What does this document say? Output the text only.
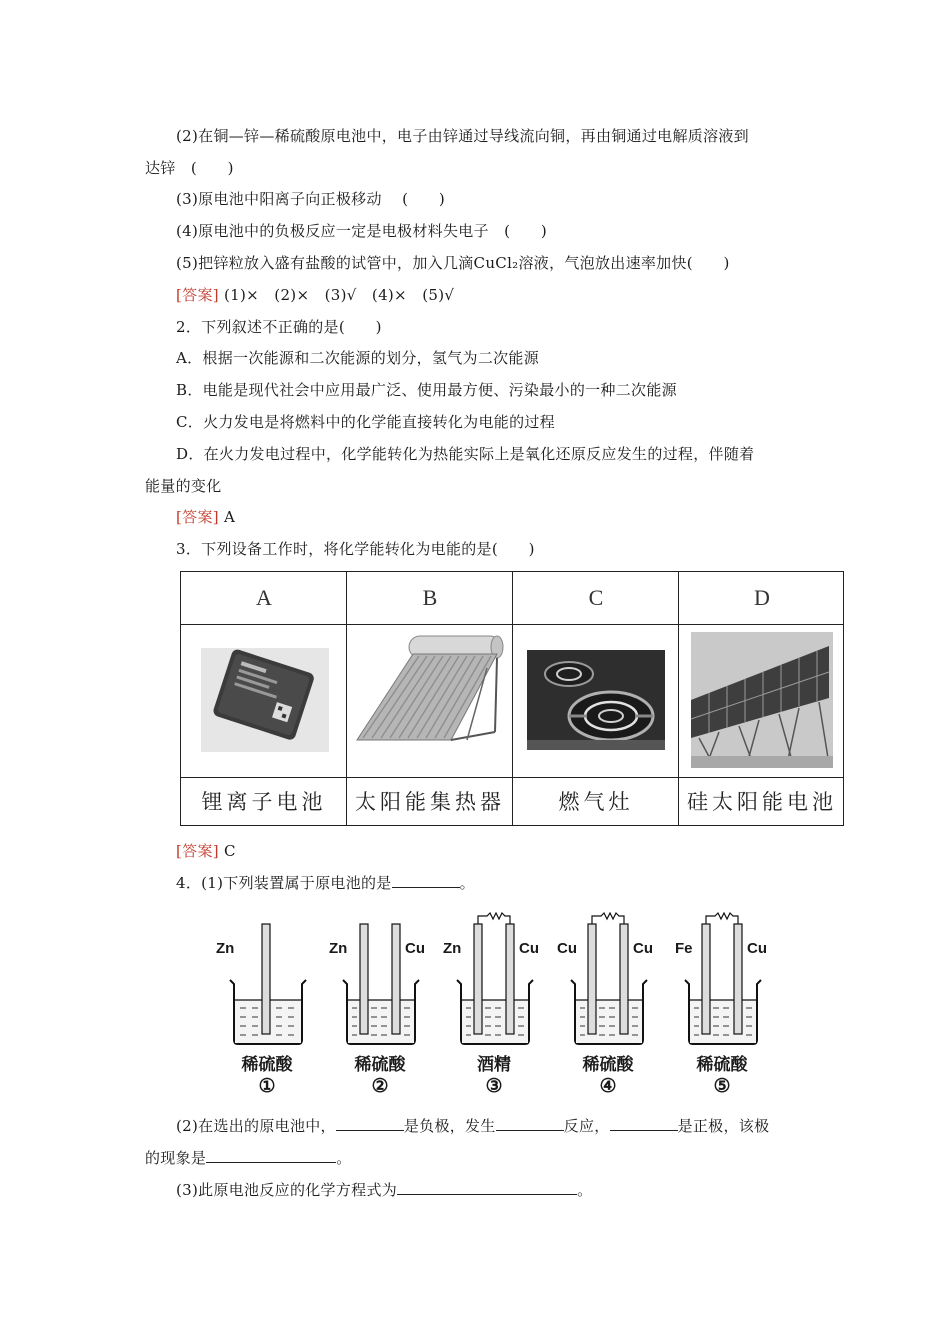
(2)在铜—锌—稀硫酸原电池中，电子由锌通过导线流向铜，再由铜通过电解质溶液到
达锌　(　　)
(3)原电池中阳离子向正极移动　 (　　)
(4)原电池中的负极反应一定是电极材料失电子　(　　)
(5)把锌粒放入盛有盐酸的试管中，加入几滴CuCl₂溶液，气泡放出速率加快(　　)
[答案] (1)×　(2)×　(3)√　(4)×　(5)√
2．下列叙述不正确的是(　　)
A．根据一次能源和二次能源的划分，氢气为二次能源
B．电能是现代社会中应用最广泛、使用最方便、污染最小的一种二次能源
C．火力发电是将燃料中的化学能直接转化为电能的过程
D．在火力发电过程中，化学能转化为热能实际上是氧化还原反应发生的过程，伴随着
能量的变化
[答案] A
3．下列设备工作时，将化学能转化为电能的是(　　)
A	B	C	D
锂离子电池	太阳能集热器	燃气灶	硅太阳能电池
[答案] C
4．(1)下列装置属于原电池的是	。
Zn
稀硫酸
①
Zn	Cu
稀硫酸
②
Zn	Cu
酒精
③
Cu	Cu
稀硫酸
④
Fe	Cu
稀硫酸
⑤
(2)在选出的原电池中，	是负极，发生	反应，	是正极，该极
的现象是	。
(3)此原电池反应的化学方程式为	。
